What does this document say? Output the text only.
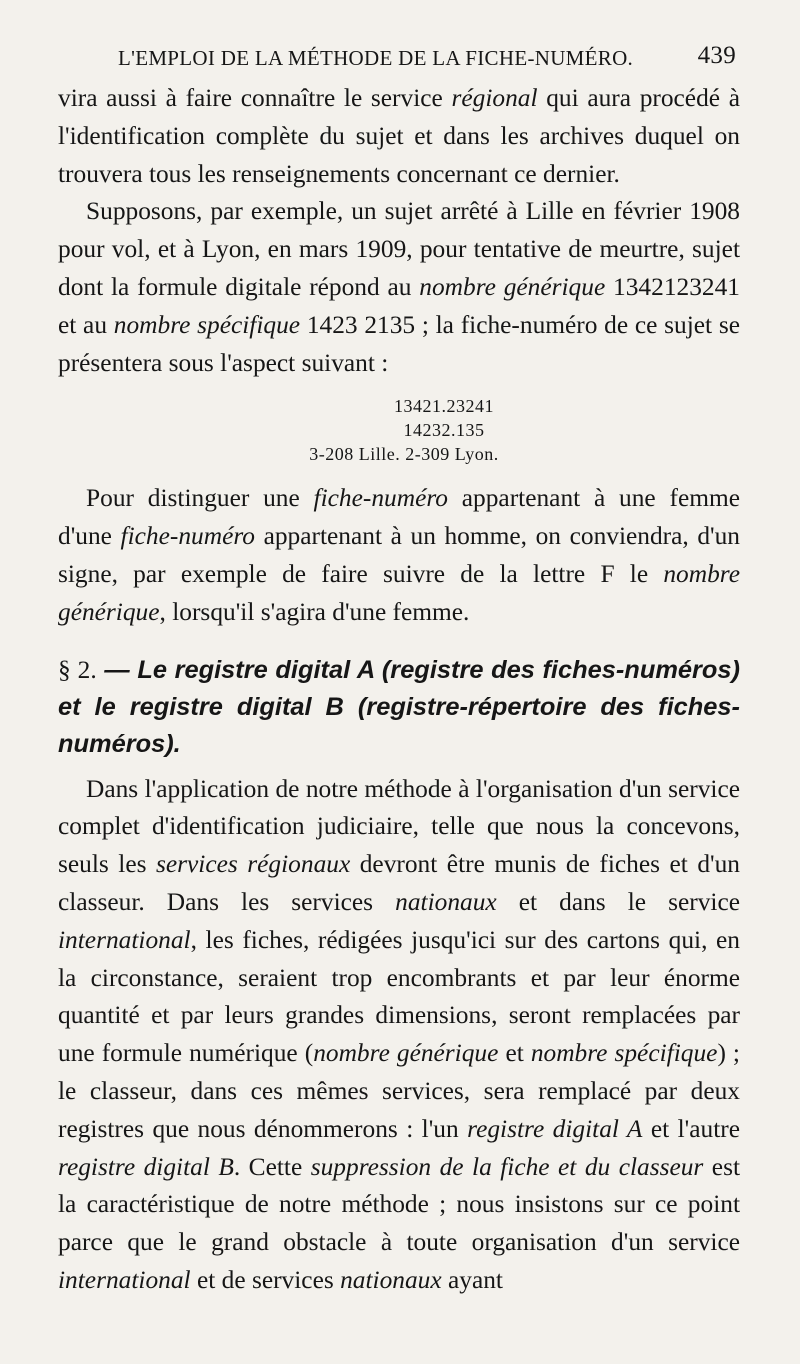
L'EMPLOI DE LA MÉTHODE DE LA FICHE-NUMÉRO.	439

vira aussi à faire connaître le service régional qui aura procédé à l'identification complète du sujet et dans les archives duquel on trouvera tous les renseignements concernant ce dernier.

Supposons, par exemple, un sujet arrêté à Lille en février 1908 pour vol, et à Lyon, en mars 1909, pour tentative de meurtre, sujet dont la formule digitale répond au nombre générique 1342123241 et au nombre spécifique 1423 2135 ; la fiche-numéro de ce sujet se présentera sous l'aspect suivant :

13421.23241
14232.135
3-208 Lille. 2-309 Lyon.

Pour distinguer une fiche-numéro appartenant à une femme d'une fiche-numéro appartenant à un homme, on conviendra, d'un signe, par exemple de faire suivre de la lettre F le nombre générique, lorsqu'il s'agira d'une femme.

§ 2. — Le registre digital A (registre des fiches-numéros) et le registre digital B (registre-répertoire des fiches-numéros).

Dans l'application de notre méthode à l'organisation d'un service complet d'identification judiciaire, telle que nous la concevons, seuls les services régionaux devront être munis de fiches et d'un classeur. Dans les services nationaux et dans le service international, les fiches, rédigées jusqu'ici sur des cartons qui, en la circonstance, seraient trop encombrants et par leur énorme quantité et par leurs grandes dimensions, seront remplacées par une formule numérique (nombre générique et nombre spécifique) ; le classeur, dans ces mêmes services, sera remplacé par deux registres que nous dénommerons : l'un registre digital A et l'autre registre digital B. Cette suppression de la fiche et du classeur est la caractéristique de notre méthode ; nous insistons sur ce point parce que le grand obstacle à toute organisation d'un service international et de services nationaux ayant
